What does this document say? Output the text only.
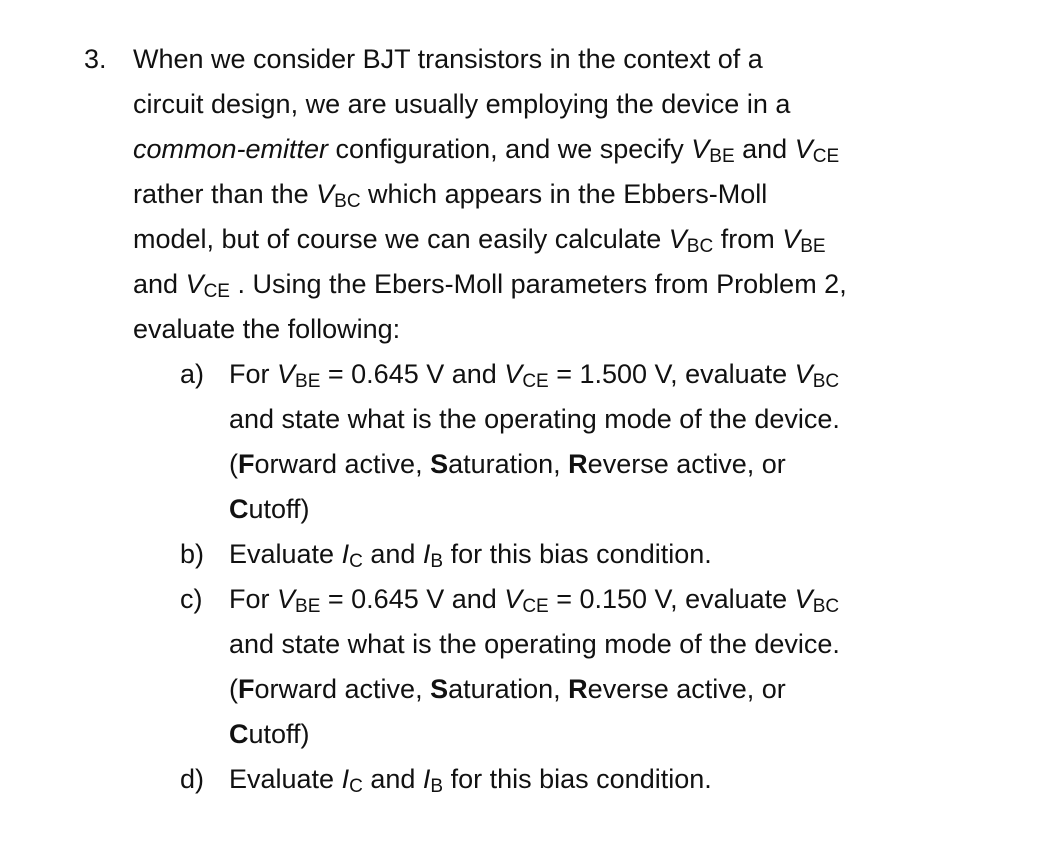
3. When we consider BJT transistors in the context of a
circuit design, we are usually employing the device in a
common-emitter configuration, and we specify $V_{BE}$ and $V_{CE}$
rather than the $V_{BC}$ which appears in the Ebbers-Moll
model, but of course we can easily calculate $V_{BC}$ from $V_{BE}$
and $V_{CE}$ . Using the Ebers-Moll parameters from Problem 2,
evaluate the following:
a) For $V_{BE} = 0.645$ V and $V_{CE} = 1.500$ V, evaluate $V_{BC}$
and state what is the operating mode of the device.
(Forward active, Saturation, Reverse active, or
Cutoff)
b) Evaluate $I_C$ and $I_B$ for this bias condition.
c) For $V_{BE} = 0.645$ V and $V_{CE} = 0.150$ V, evaluate $V_{BC}$
and state what is the operating mode of the device.
(Forward active, Saturation, Reverse active, or
Cutoff)
d) Evaluate $I_C$ and $I_B$ for this bias condition.
